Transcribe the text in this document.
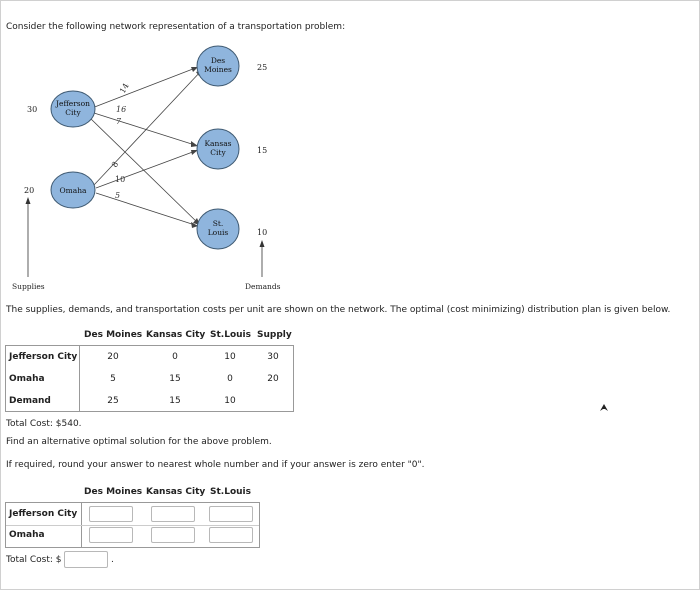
Consider the following network representation of a transportation problem:
14
16
7
8
10
5
Jefferson
City
Omaha
Des
Moines
Kansas
City
St.
Louis
30
20
25
15
10
Supplies	Demands
The supplies, demands, and transportation costs per unit are shown on the network. The optimal (cost minimizing) distribution plan is given below.
Des Moines Kansas City St.Louis Supply
Jefferson City	20	0	10	30
Omaha	5	15	0	20
Demand	25	15	10
Total Cost: $540.
Find an alternative optimal solution for the above problem.
If required, round your answer to nearest whole number and if your answer is zero enter "0".
Des Moines Kansas City St.Louis
Jefferson City
Omaha
Total Cost: $	.
